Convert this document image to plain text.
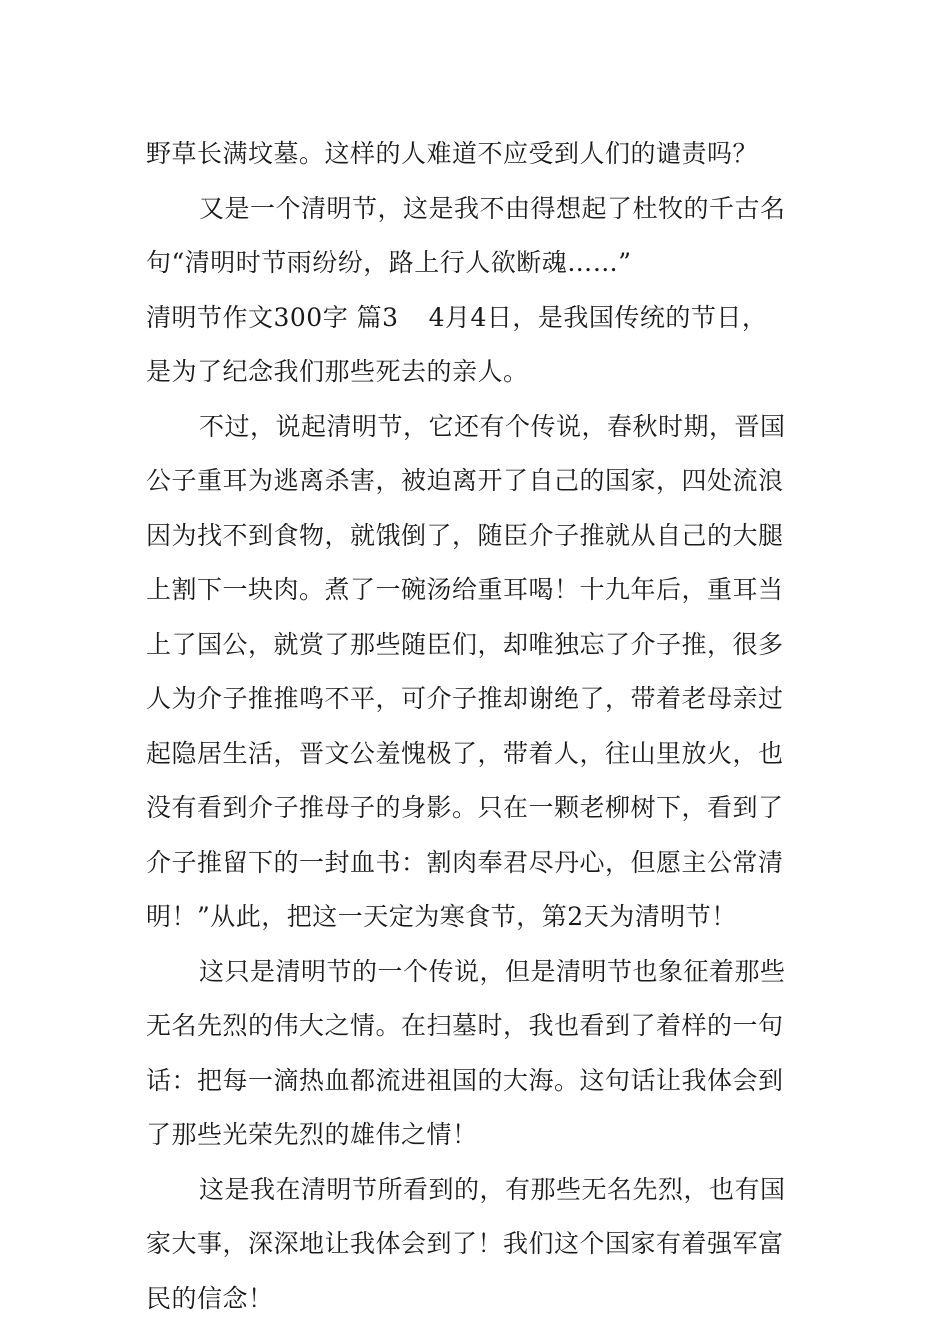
野草长满坟墓。这样的人难道不应受到人们的谴责吗？
又是一个清明节，这是我不由得想起了杜牧的千古名
句“清明时节雨纷纷，路上行人欲断魂……”
清明节作文300字 篇3 4月4日，是我国传统的节日，
是为了纪念我们那些死去的亲人。
不过，说起清明节，它还有个传说，春秋时期，晋国
公子重耳为逃离杀害，被迫离开了自己的国家，四处流浪
因为找不到食物，就饿倒了，随臣介子推就从自己的大腿
上割下一块肉。煮了一碗汤给重耳喝！十九年后，重耳当
上了国公，就赏了那些随臣们，却唯独忘了介子推，很多
人为介子推推鸣不平，可介子推却谢绝了，带着老母亲过
起隐居生活，晋文公羞愧极了，带着人，往山里放火，也
没有看到介子推母子的身影。只在一颗老柳树下，看到了
介子推留下的一封血书：割肉奉君尽丹心，但愿主公常清
明！”从此，把这一天定为寒食节，第2天为清明节！
这只是清明节的一个传说，但是清明节也象征着那些
无名先烈的伟大之情。在扫墓时，我也看到了着样的一句
话：把每一滴热血都流进祖国的大海。这句话让我体会到
了那些光荣先烈的雄伟之情！
这是我在清明节所看到的，有那些无名先烈，也有国
家大事，深深地让我体会到了！我们这个国家有着强军富
民的信念！
